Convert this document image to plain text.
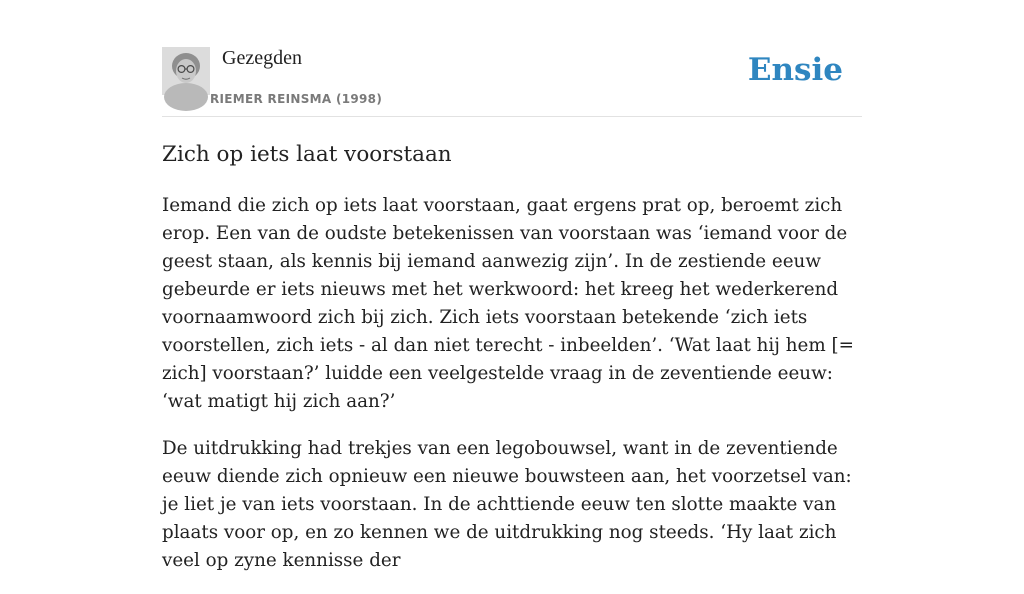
Gezegden
RIEMER REINSMA (1998)
Ensie
Zich op iets laat voorstaan

Iemand die zich op iets laat voorstaan, gaat ergens prat op, beroemt zich erop. Een van de oudste betekenissen van voorstaan was ‘iemand voor de geest staan, als kennis bij iemand aanwezig zijn’. In de zestiende eeuw gebeurde er iets nieuws met het werkwoord: het kreeg het wederkerend voornaamwoord zich bij zich. Zich iets voorstaan betekende ‘zich iets voorstellen, zich iets - al dan niet terecht - inbeelden’. ‘Wat laat hij hem [= zich] voorstaan?’ luidde een veelgestelde vraag in de zeventiende eeuw: ‘wat matigt hij zich aan?’

De uitdrukking had trekjes van een legobouwsel, want in de zeventiende eeuw diende zich opnieuw een nieuwe bouwsteen aan, het voorzetsel van: je liet je van iets voorstaan. In de achttiende eeuw ten slotte maakte van plaats voor op, en zo kennen we de uitdrukking nog steeds. ‘Hy laat zich veel op zyne kennisse der
